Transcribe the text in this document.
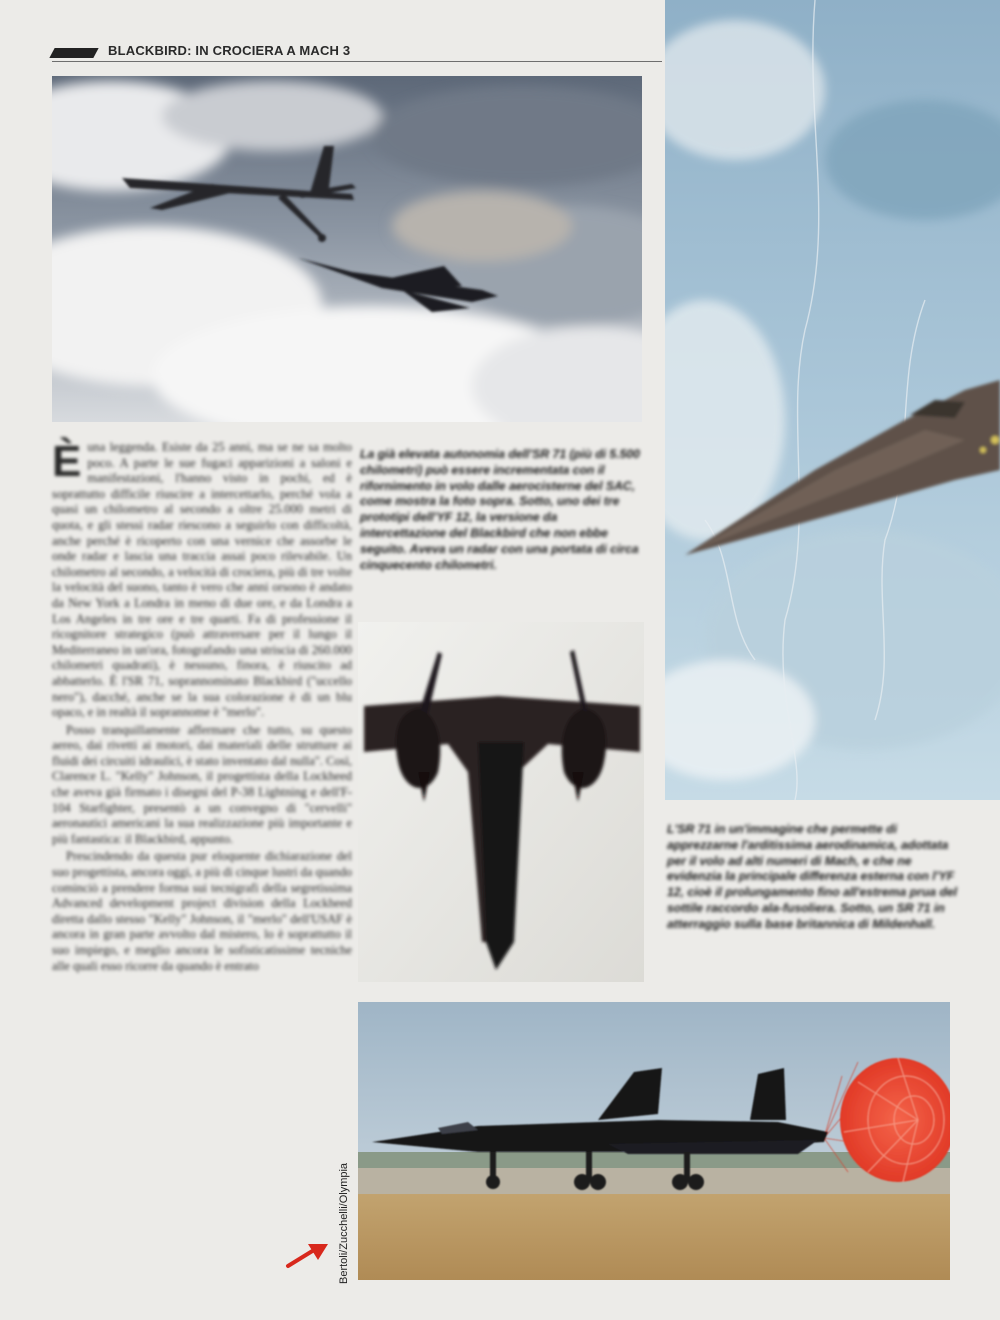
BLACKBIRD: IN CROCIERA A MACH 3

Èuna leggenda. Esiste da 25 anni, ma se ne sa molto poco. A parte le sue fugaci apparizioni a saloni e manifestazioni, l'hanno visto in pochi, ed è soprattutto difficile riuscire a intercettarlo, perché vola a quasi un chilometro al secondo a oltre 25.000 metri di quota, e gli stessi radar riescono a seguirlo con difficoltà, anche perché è ricoperto con una vernice che assorbe le onde radar e lascia una traccia assai poco rilevabile. Un chilometro al secondo, a velocità di crociera, più di tre volte la velocità del suono, tanto è vero che anni orsono è andato da New York a Londra in meno di due ore, e da Londra a Los Angeles in tre ore e tre quarti. Fa di professione il ricognitore strategico (può attraversare per il lungo il Mediterraneo in un'ora, fotografando una striscia di 260.000 chilometri quadrati), è nessuno, finora, è riuscito ad abbatterlo. È l'SR 71, soprannominato Blackbird ("uccello nero"), dacché, anche se la sua colorazione è di un blu opaco, e in realtà il soprannome è "merlo".

Posso tranquillamente affermare che tutto, su questo aereo, dai rivetti ai motori, dai materiali delle strutture ai fluidi dei circuiti idraulici, è stato inventato dal nulla". Così, Clarence L. "Kelly" Johnson, il progettista della Lockheed che aveva già firmato i disegni del P-38 Lightning e dell'F-104 Starfighter, presentò a un convegno di "cervelli" aeronautici americani la sua realizzazione più importante e più fantastica: il Blackbird, appunto.

Prescindendo da questa pur eloquente dichiarazione del suo progettista, ancora oggi, a più di cinque lustri da quando cominciò a prendere forma sui tecnigrafi della segretissima Advanced development project division della Lockheed diretta dallo stesso "Kelly" Johnson, il "merlo" dell'USAF è ancora in gran parte avvolto dal mistero, lo è soprattutto il suo impiego, e meglio ancora le sofisticatissime tecniche alle quali esso ricorre da quando è entrato

La già elevata autonomia dell'SR 71 (più di 5.500 chilometri) può essere incrementata con il rifornimento in volo dalle aerocisterne del SAC, come mostra la foto sopra. Sotto, uno dei tre prototipi dell'YF 12, la versione da intercettazione del Blackbird che non ebbe seguito. Aveva un radar con una portata di circa cinquecento chilometri.
L'SR 71 in un'immagine che permette di apprezzarne l'arditissima aerodinamica, adottata per il volo ad alti numeri di Mach, e che ne evidenzia la principale differenza esterna con l'YF 12, cioè il prolungamento fino all'estrema prua del sottile raccordo ala-fusoliera. Sotto, un SR 71 in atterraggio sulla base britannica di Mildenhall.
Bertoli/Zucchelli/Olympia
